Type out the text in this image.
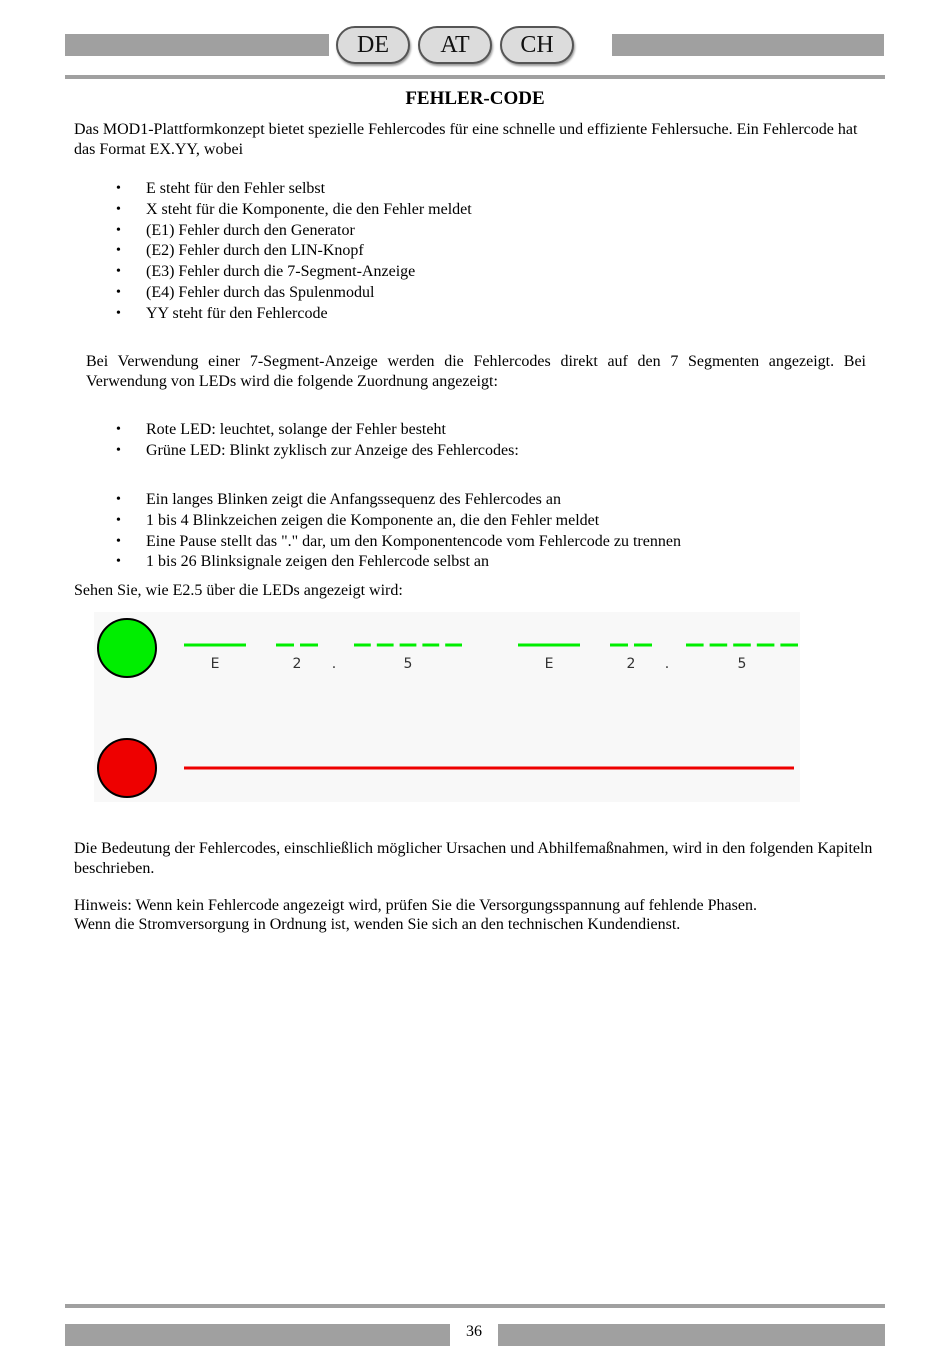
DE	AT	CH
FEHLER-CODE
Das MOD1-Plattformkonzept bietet spezielle Fehlercodes für eine schnelle und effiziente Fehlersuche. Ein Fehlercode hat das Format EX.YY, wobei
• E steht für den Fehler selbst
• X steht für die Komponente, die den Fehler meldet
• (E1) Fehler durch den Generator
• (E2) Fehler durch den LIN-Knopf
• (E3) Fehler durch die 7-Segment-Anzeige
• (E4) Fehler durch das Spulenmodul
• YY steht für den Fehlercode
Bei Verwendung einer 7-Segment-Anzeige werden die Fehlercodes direkt auf den 7 Segmenten angezeigt. Bei Verwendung von LEDs wird die folgende Zuordnung angezeigt:
• Rote LED: leuchtet, solange der Fehler besteht
• Grüne LED: Blinkt zyklisch zur Anzeige des Fehlercodes:
• Ein langes Blinken zeigt die Anfangssequenz des Fehlercodes an
• 1 bis 4 Blinkzeichen zeigen die Komponente an, die den Fehler meldet
• Eine Pause stellt das "." dar, um den Komponentencode vom Fehlercode zu trennen
• 1 bis 26 Blinksignale zeigen den Fehlercode selbst an
Sehen Sie, wie E2.5 über die LEDs angezeigt wird:
E	2 .	5	E	2 .	5
Die Bedeutung der Fehlercodes, einschließlich möglicher Ursachen und Abhilfemaßnahmen, wird in den folgenden Kapiteln beschrieben.
Hinweis: Wenn kein Fehlercode angezeigt wird, prüfen Sie die Versorgungsspannung auf fehlende Phasen.
Wenn die Stromversorgung in Ordnung ist, wenden Sie sich an den technischen Kundendienst.
36
